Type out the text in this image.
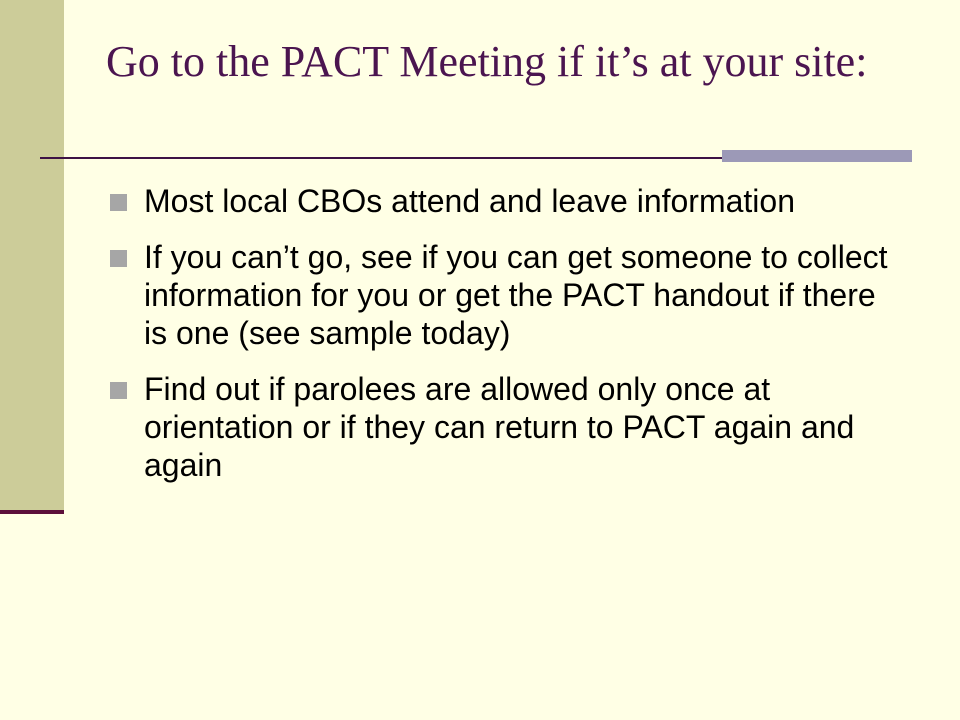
Go to the PACT Meeting if it’s at your site:
Most local CBOs attend and leave information
If you can’t go, see if you can get someone to collect information for you or get the PACT handout if there is one (see sample today)
Find out if parolees are allowed only once at orientation or if they can return to PACT again and again
